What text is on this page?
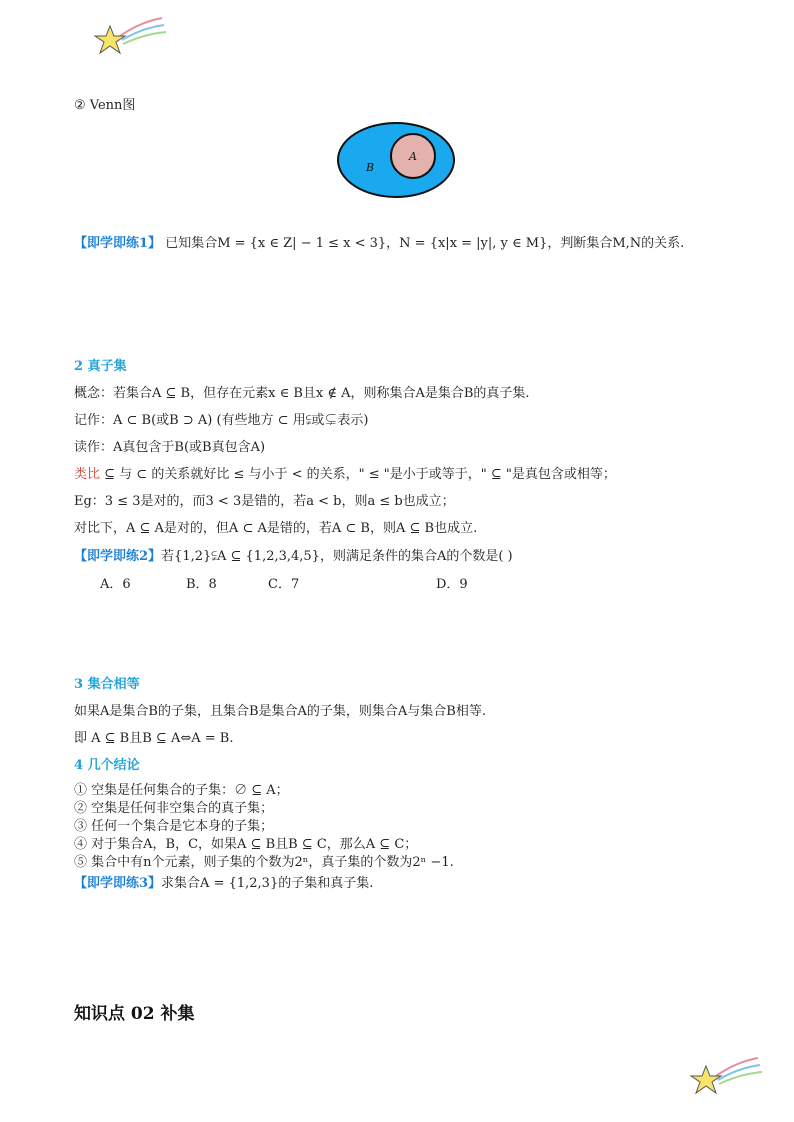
② Venn图
B
A
【即学即练1】 已知集合M = {x ∈ Z| − 1 ≤ x < 3}，N = {x|x = |y|, y ∈ M}，判断集合M,N的关系.
2 真子集
概念：若集合A ⊆ B，但存在元素x ∈ B且x ∉ A，则称集合A是集合B的真子集.
记作：A ⊂ B(或B ⊃ A) (有些地方 ⊂ 用⫋或⊊表示)
读作：A真包含于B(或B真包含A)
类比 ⊆ 与 ⊂ 的关系就好比 ≤ 与小于 < 的关系，" ≤ "是小于或等于，" ⊆ "是真包含或相等；
Eg：3 ≤ 3是对的，而3 < 3是错的，若a < b，则a ≤ b也成立；
对比下，A ⊆ A是对的，但A ⊂ A是错的，若A ⊂ B，则A ⊆ B也成立.
【即学即练2】若{1,2}⫋A ⊆ {1,2,3,4,5}，则满足条件的集合A的个数是( )
A．6	B．8	C．7	D．9
3 集合相等
如果A是集合B的子集，且集合B是集合A的子集，则集合A与集合B相等.
即 A ⊆ B且B ⊆ A⇔A = B.
4 几个结论
① 空集是任何集合的子集：∅ ⊆ A；
② 空集是任何非空集合的真子集；
③ 任何一个集合是它本身的子集；
④ 对于集合A，B，C，如果A ⊆ B且B ⊆ C，那么A ⊆ C；
⑤ 集合中有n个元素，则子集的个数为2ⁿ，真子集的个数为2ⁿ −1.
【即学即练3】求集合A = {1,2,3}的子集和真子集.
知识点 02 补集
